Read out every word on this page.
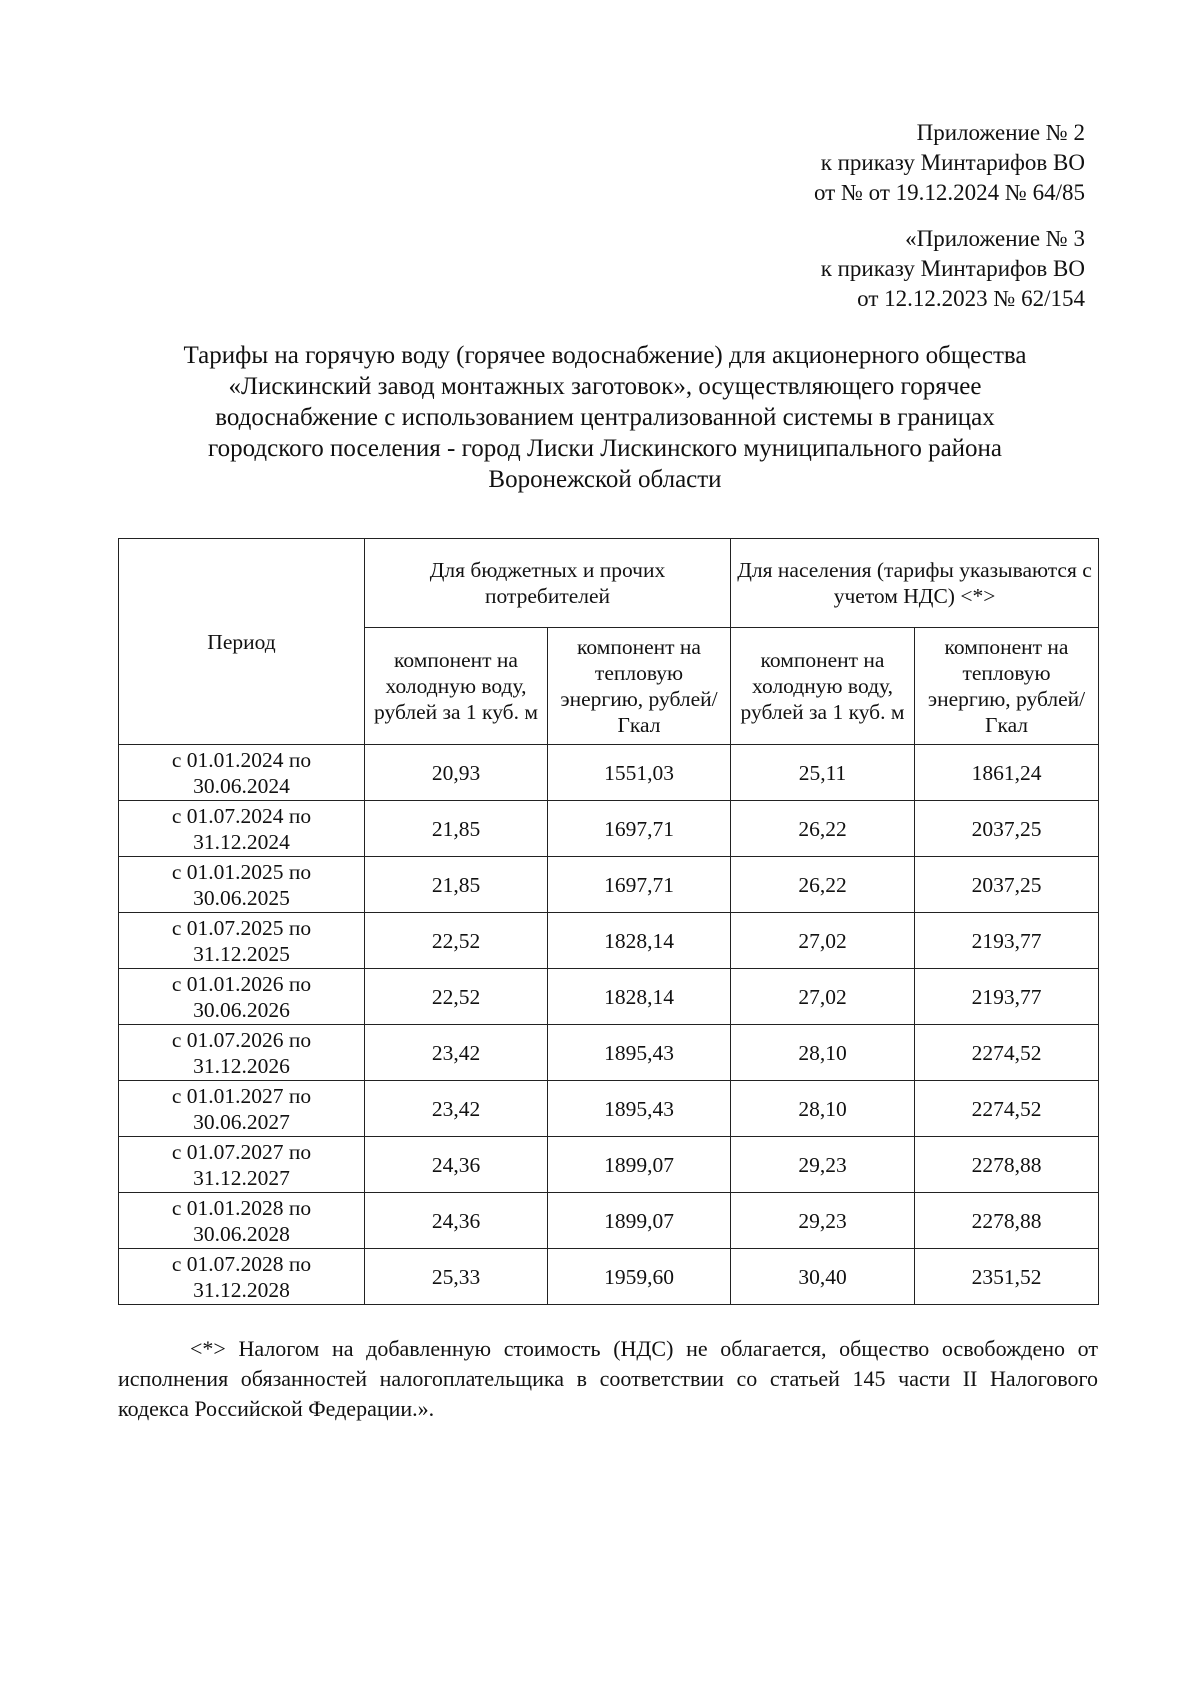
Приложение № 2
к приказу Минтарифов ВО
от № от 19.12.2024 № 64/85
«Приложение № 3
к приказу Минтарифов ВО
от 12.12.2023 № 62/154
Тарифы на горячую воду (горячее водоснабжение) для акционерного общества
«Лискинский завод монтажных заготовок», осуществляющего горячее
водоснабжение с использованием централизованной системы в границах
городского поселения - город Лиски Лискинского муниципального района
Воронежской области
Период	Для бюджетных и прочих потребителей		Для населения (тарифы указываются с учетом НДС) <*>	
	компонент на холодную воду, рублей за 1 куб. м	компонент на тепловую энергию, рублей/Гкал	компонент на холодную воду, рублей за 1 куб. м	компонент на тепловую энергию, рублей/Гкал
с 01.01.2024 по 30.06.2024	20,93	1551,03	25,11	1861,24
с 01.07.2024 по 31.12.2024	21,85	1697,71	26,22	2037,25
с 01.01.2025 по 30.06.2025	21,85	1697,71	26,22	2037,25
с 01.07.2025 по 31.12.2025	22,52	1828,14	27,02	2193,77
с 01.01.2026 по 30.06.2026	22,52	1828,14	27,02	2193,77
с 01.07.2026 по 31.12.2026	23,42	1895,43	28,10	2274,52
с 01.01.2027 по 30.06.2027	23,42	1895,43	28,10	2274,52
с 01.07.2027 по 31.12.2027	24,36	1899,07	29,23	2278,88
с 01.01.2028 по 30.06.2028	24,36	1899,07	29,23	2278,88
с 01.07.2028 по 31.12.2028	25,33	1959,60	30,40	2351,52
<*> Налогом на добавленную стоимость (НДС) не облагается, общество освобождено от исполнения обязанностей налогоплательщика в соответствии со статьей 145 части II Налогового кодекса Российской Федерации.».
